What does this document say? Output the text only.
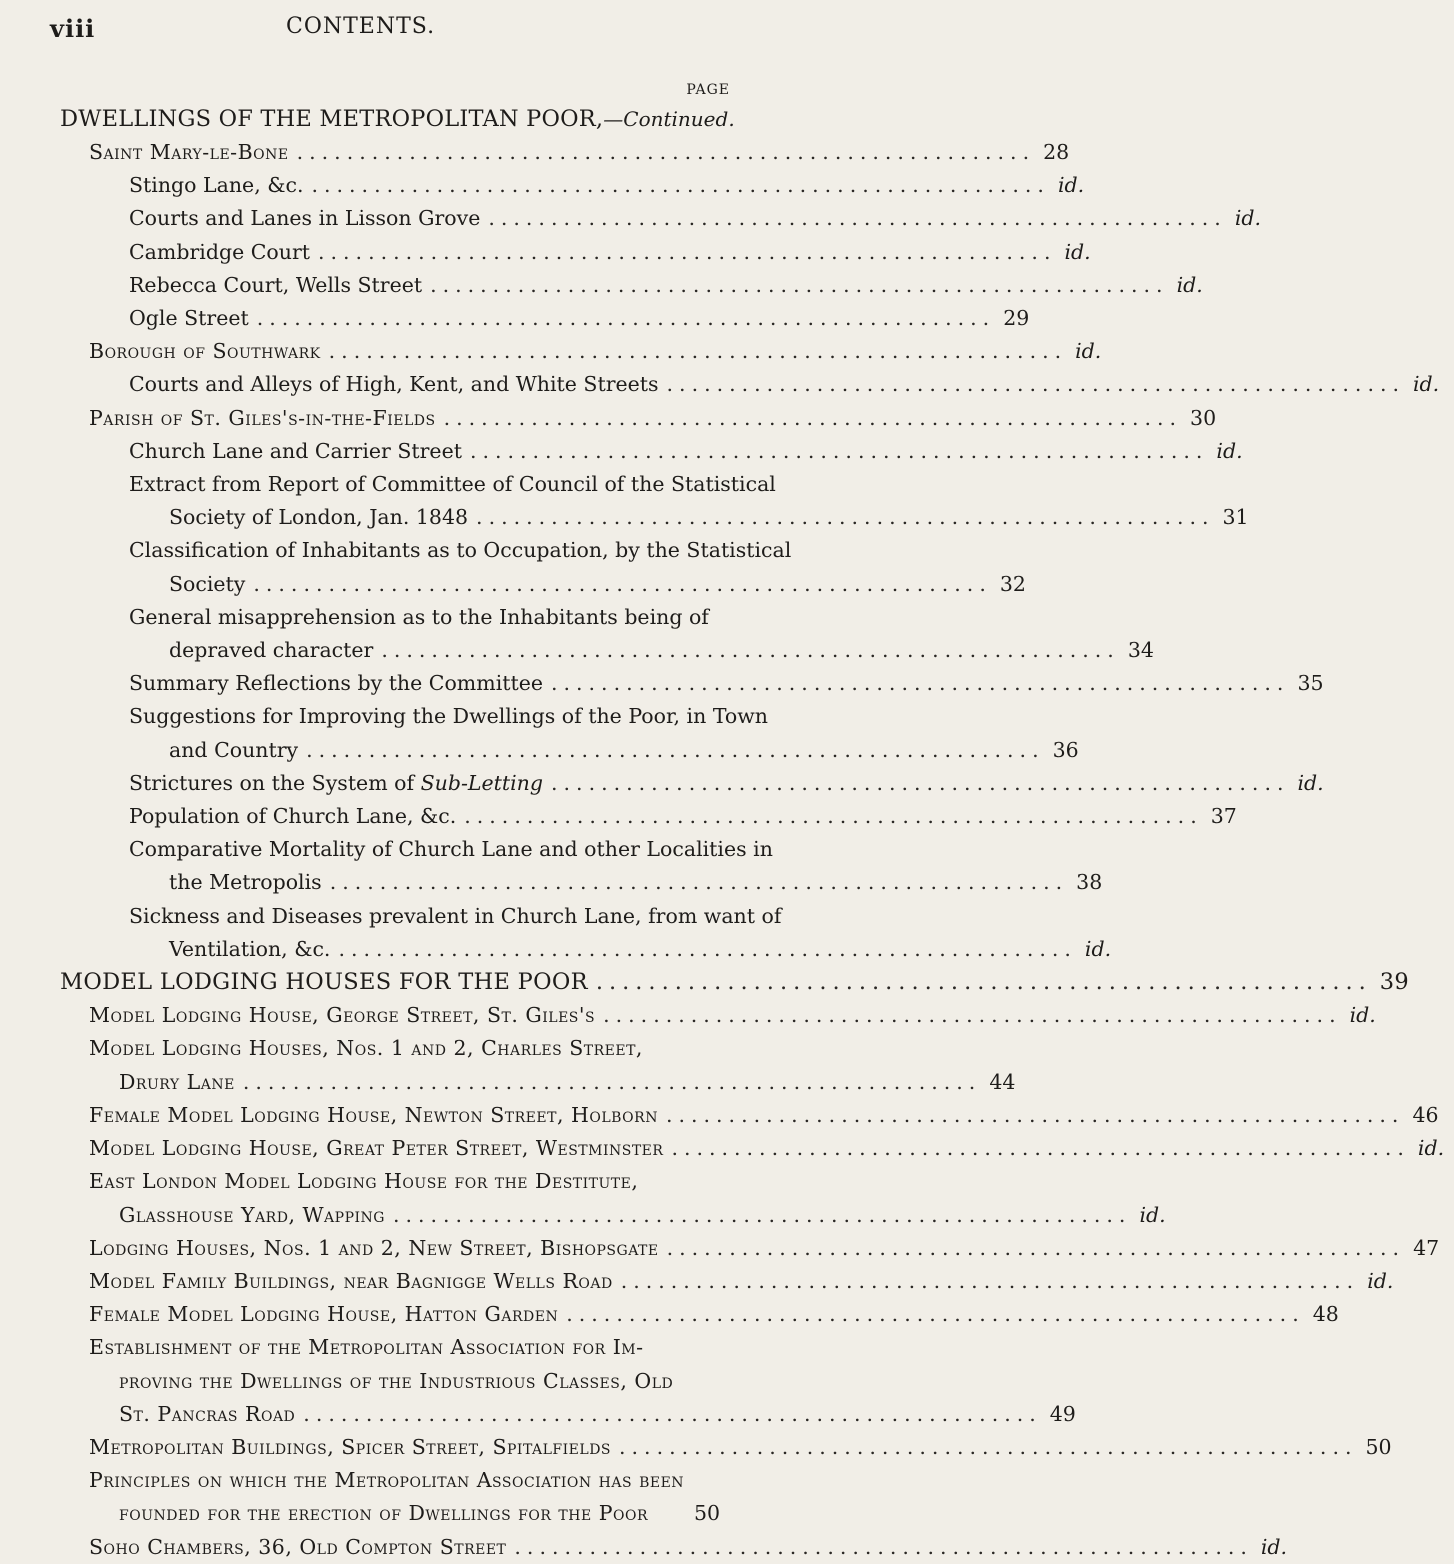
viii	CONTENTS.
PAGE
DWELLINGS OF THE METROPOLITAN POOR,—Continued.
Saint Mary-le-Bone ........................................................... 28
Stingo Lane, &c. ........................................................... id.
Courts and Lanes in Lisson Grove ........................................................... id.
Cambridge Court ........................................................... id.
Rebecca Court, Wells Street ........................................................... id.
Ogle Street ........................................................... 29
Borough of Southwark ........................................................... id.
Courts and Alleys of High, Kent, and White Streets ........................................................... id.
Parish of St. Giles's-in-the-Fields ........................................................... 30
Church Lane and Carrier Street ........................................................... id.
Extract from Report of Committee of Council of the Statistical
Society of London, Jan. 1848 ........................................................... 31
Classification of Inhabitants as to Occupation, by the Statistical
Society ........................................................... 32
General misapprehension as to the Inhabitants being of
depraved character ........................................................... 34
Summary Reflections by the Committee ........................................................... 35
Suggestions for Improving the Dwellings of the Poor, in Town
and Country ........................................................... 36
Strictures on the System of Sub-Letting ........................................................... id.
Population of Church Lane, &c. ........................................................... 37
Comparative Mortality of Church Lane and other Localities in
the Metropolis ........................................................... 38
Sickness and Diseases prevalent in Church Lane, from want of
Ventilation, &c. ........................................................... id.
MODEL LODGING HOUSES FOR THE POOR ........................................................... 39
Model Lodging House, George Street, St. Giles's ........................................................... id.
Model Lodging Houses, Nos. 1 and 2, Charles Street,
Drury Lane ........................................................... 44
Female Model Lodging House, Newton Street, Holborn ........................................................... 46
Model Lodging House, Great Peter Street, Westminster ........................................................... id.
East London Model Lodging House for the Destitute,
Glasshouse Yard, Wapping ........................................................... id.
Lodging Houses, Nos. 1 and 2, New Street, Bishopsgate ........................................................... 47
Model Family Buildings, near Bagnigge Wells Road ........................................................... id.
Female Model Lodging House, Hatton Garden ........................................................... 48
Establishment of the Metropolitan Association for Im-
proving the Dwellings of the Industrious Classes, Old
St. Pancras Road ........................................................... 49
Metropolitan Buildings, Spicer Street, Spitalfields ........................................................... 50
Principles on which the Metropolitan Association has been
founded for the erection of Dwellings for the Poor 50
Soho Chambers, 36, Old Compton Street ........................................................... id.
